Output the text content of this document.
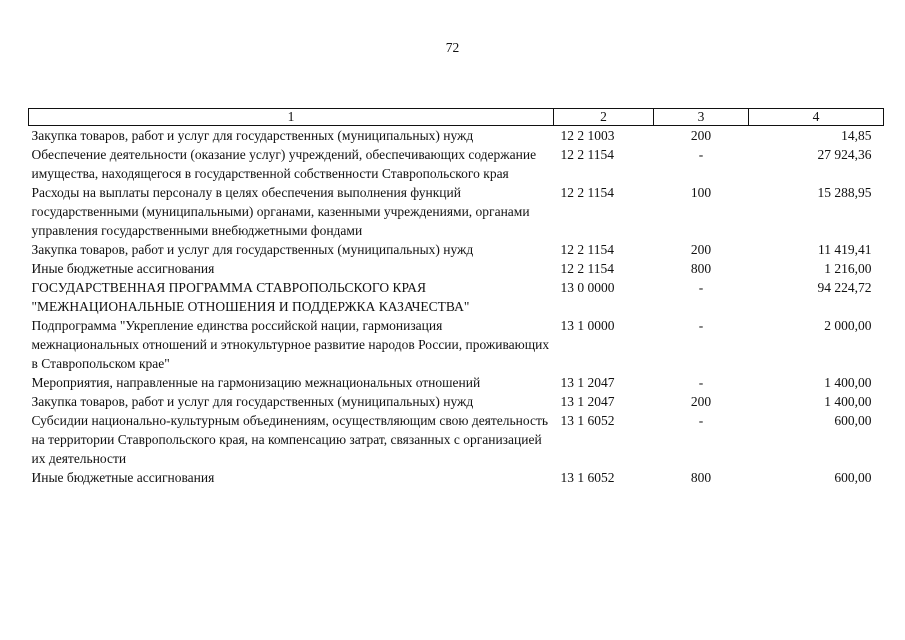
72
1	2	3	4
Закупка товаров, работ и услуг для государственных (муниципальных) нужд	12 2 1003	200	14,85
Обеспечение деятельности (оказание услуг) учреждений, обеспечивающих содержание имущества, находящегося в государственной собственности Ставропольского края	12 2 1154	-	27 924,36
Расходы на выплаты персоналу в целях обеспечения выполнения функций государственными (муниципальными) органами, казенными учреждениями, органами управления государственными внебюджетными фондами	12 2 1154	100	15 288,95
Закупка товаров, работ и услуг для государственных (муниципальных) нужд	12 2 1154	200	11 419,41
Иные бюджетные ассигнования	12 2 1154	800	1 216,00
ГОСУДАРСТВЕННАЯ ПРОГРАММА СТАВРОПОЛЬСКОГО КРАЯ "МЕЖНАЦИОНАЛЬНЫЕ ОТНОШЕНИЯ И ПОДДЕРЖКА КАЗАЧЕСТВА"	13 0 0000	-	94 224,72
Подпрограмма "Укрепление единства российской нации, гармонизация межнациональных отношений и этнокультурное развитие народов России, проживающих в Ставропольском крае"	13 1 0000	-	2 000,00
Мероприятия, направленные на гармонизацию межнациональных отношений	13 1 2047	-	1 400,00
Закупка товаров, работ и услуг для государственных (муниципальных) нужд	13 1 2047	200	1 400,00
Субсидии национально-культурным объединениям, осуществляющим свою деятельность на территории Ставропольского края, на компенсацию затрат, связанных с организацией их деятельности	13 1 6052	-	600,00
Иные бюджетные ассигнования	13 1 6052	800	600,00
